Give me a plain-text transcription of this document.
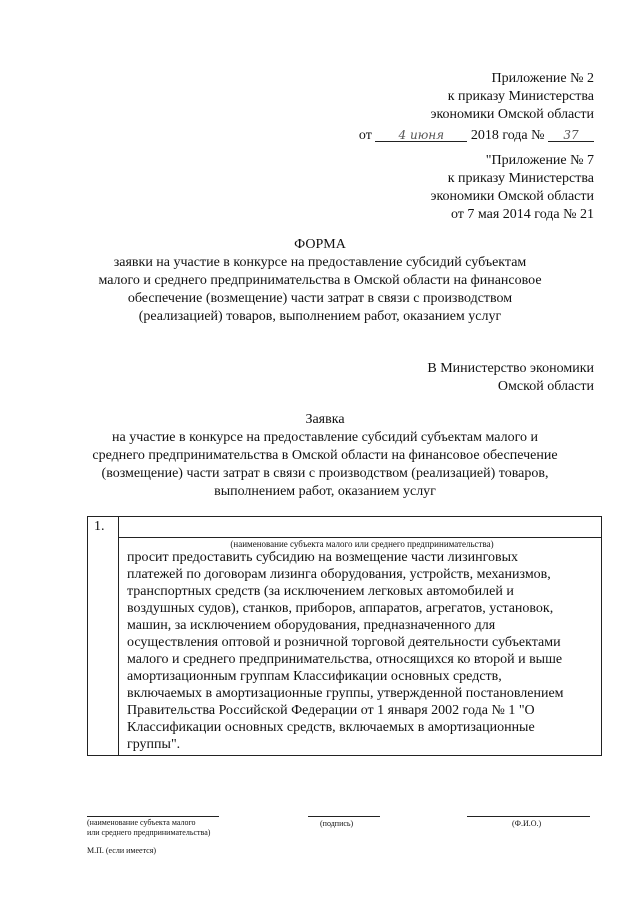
Приложение № 2
к приказу Министерства
экономики Омской области
от 4 июня 2018 года № 37
"Приложение № 7
к приказу Министерства
экономики Омской области
от 7 мая 2014 года № 21
ФОРМА
заявки на участие в конкурсе на предоставление субсидий субъектам
малого и среднего предпринимательства в Омской области на финансовое
обеспечение (возмещение) части затрат в связи с производством
(реализацией) товаров, выполнением работ, оказанием услуг
В Министерство экономики
Омской области
Заявка
на участие в конкурсе на предоставление субсидий субъектам малого и
среднего предпринимательства в Омской области на финансовое обеспечение
(возмещение) части затрат в связи с производством (реализацией) товаров,
выполнением работ, оказанием услуг
1.	
(наименование субъекта малого или среднего предпринимательства)
просит предоставить субсидию на возмещение части лизинговых
платежей по договорам лизинга оборудования, устройств, механизмов,
транспортных средств (за исключением легковых автомобилей и
воздушных судов), станков, приборов, аппаратов, агрегатов, установок,
машин, за исключением оборудования, предназначенного для
осуществления оптовой и розничной торговой деятельности субъектами
малого и среднего предпринимательства, относящихся ко второй и выше
амортизационным группам Классификации основных средств,
включаемых в амортизационные группы, утвержденной постановлением
Правительства Российской Федерации от 1 января 2002 года № 1 "О
Классификации основных средств, включаемых в амортизационные
группы".
(наименование субъекта малого
или среднего предпринимательства)
(подпись)	(Ф.И.О.)
М.П. (если имеется)
